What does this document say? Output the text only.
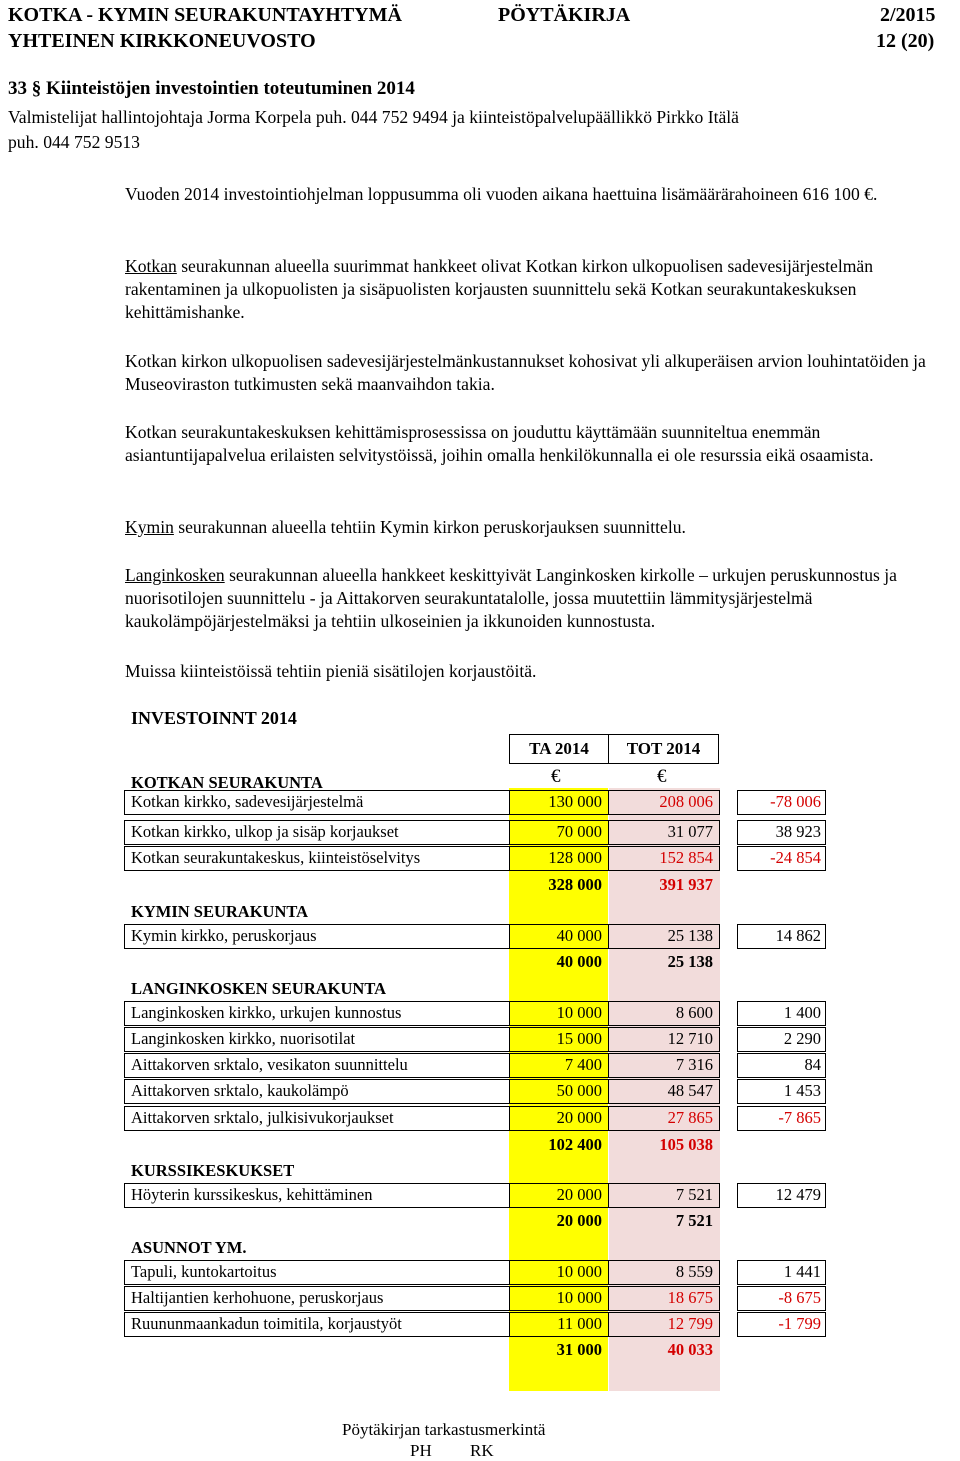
KOTKA - KYMIN SEURAKUNTAYHTYMÄ	PÖYTÄKIRJA	2/2015
YHTEINEN KIRKKONEUVOSTO	12 (20)
33 § Kiinteistöjen investointien toteutuminen 2014
Valmistelijat hallintojohtaja Jorma Korpela puh. 044 752 9494 ja kiinteistöpalvelupäällikkö Pirkko Itälä
puh. 044 752 9513
Vuoden 2014 investointiohjelman loppusumma oli vuoden aikana haettuina lisämäärärahoineen 616 100 €.
Kotkan seurakunnan alueella suurimmat hankkeet olivat Kotkan kirkon ulkopuolisen sadevesijärjestelmän rakentaminen ja ulkopuolisten ja sisäpuolisten korjausten suunnittelu sekä Kotkan seurakuntakeskuksen kehittämishanke.
Kotkan kirkon ulkopuolisen sadevesijärjestelmänkustannukset kohosivat yli alkuperäisen arvion louhintatöiden ja Museoviraston tutkimusten sekä maanvaihdon takia.
Kotkan seurakuntakeskuksen kehittämisprosessissa on jouduttu käyttämään suunniteltua enemmän asiantuntijapalvelua erilaisten selvitystöissä, joihin omalla henkilökunnalla ei ole resurssia eikä osaamista.
Kymin seurakunnan alueella tehtiin Kymin kirkon peruskorjauksen suunnittelu.
Langinkosken seurakunnan alueella hankkeet keskittyivät Langinkosken kirkolle – urkujen peruskunnostus ja nuorisotilojen suunnittelu - ja Aittakorven seurakuntatalolle, jossa muutettiin lämmitysjärjestelmä kaukolämpöjärjestelmäksi ja tehtiin ulkoseinien ja ikkunoiden kunnostusta.
Muissa kiinteistöissä tehtiin pieniä sisätilojen korjaustöitä.
INVESTOINNT 2014
TA 2014	TOT 2014
€	€
KOTKAN SEURAKUNTA
Kotkan kirkko, sadevesijärjestelmä	130 000	208 006	-78 006
Kotkan kirkko, ulkop ja sisäp korjaukset	70 000	31 077	38 923
Kotkan seurakuntakeskus, kiinteistöselvitys	128 000	152 854	-24 854
328 000	391 937
KYMIN SEURAKUNTA
Kymin kirkko, peruskorjaus	40 000	25 138	14 862
40 000	25 138
LANGINKOSKEN SEURAKUNTA
Langinkosken kirkko, urkujen kunnostus	10 000	8 600	1 400
Langinkosken kirkko, nuorisotilat	15 000	12 710	2 290
Aittakorven srktalo, vesikaton suunnittelu	7 400	7 316	84
Aittakorven srktalo, kaukolämpö	50 000	48 547	1 453
Aittakorven srktalo, julkisivukorjaukset	20 000	27 865	-7 865
102 400	105 038
KURSSIKESKUKSET
Höyterin kurssikeskus, kehittäminen	20 000	7 521	12 479
20 000	7 521
ASUNNOT YM.
Tapuli, kuntokartoitus	10 000	8 559	1 441
Haltijantien kerhohuone, peruskorjaus	10 000	18 675	-8 675
Ruununmaankadun toimitila, korjaustyöt	11 000	12 799	-1 799
31 000	40 033
Pöytäkirjan tarkastusmerkintä
PH RK
